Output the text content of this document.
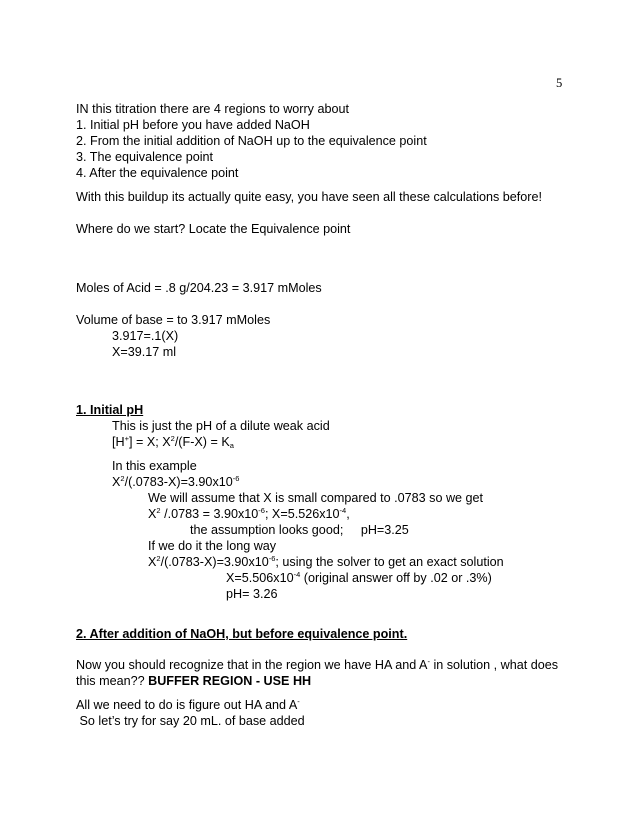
5
IN this titration there are 4 regions to worry about
1. Initial pH before you have added NaOH
2. From the initial addition of NaOH up to the equivalence point
3. The equivalence point
4. After the equivalence point
With this buildup its actually quite easy, you have seen all these calculations before!
Where do we start? Locate the Equivalence point
Moles of Acid = .8 g/204.23 = 3.917 mMoles
Volume of base = to 3.917 mMoles
3.917=.1(X)
X=39.17 ml
1. Initial pH
This is just the pH of a dilute weak acid
[H+] = X; $X^2/(F-X) = K_a$
In this example
$X^2/(.0783-X)=3.90x10^{-6}$
We will assume that X is small compared to .0783 so we get
$X^2$ $/.0783 = 3.90x10^{-6}$; $X=5.526x10^{-4}$,
the assumption looks good;     pH=3.25
If we do it the long way
$X^2/(.0783-X)=3.90x10^{-6}$; using the solver to get an exact solution
$X=5.506x10^{-4}$ (original answer off by .02 or .3%)
pH= 3.26
2. After addition of NaOH, but before equivalence point.
Now you should recognize that in the region we have HA and A- in solution , what does
this mean?? BUFFER REGION - USE HH
All we need to do is figure out HA and A-
So let’s try for say 20 mL. of base added
